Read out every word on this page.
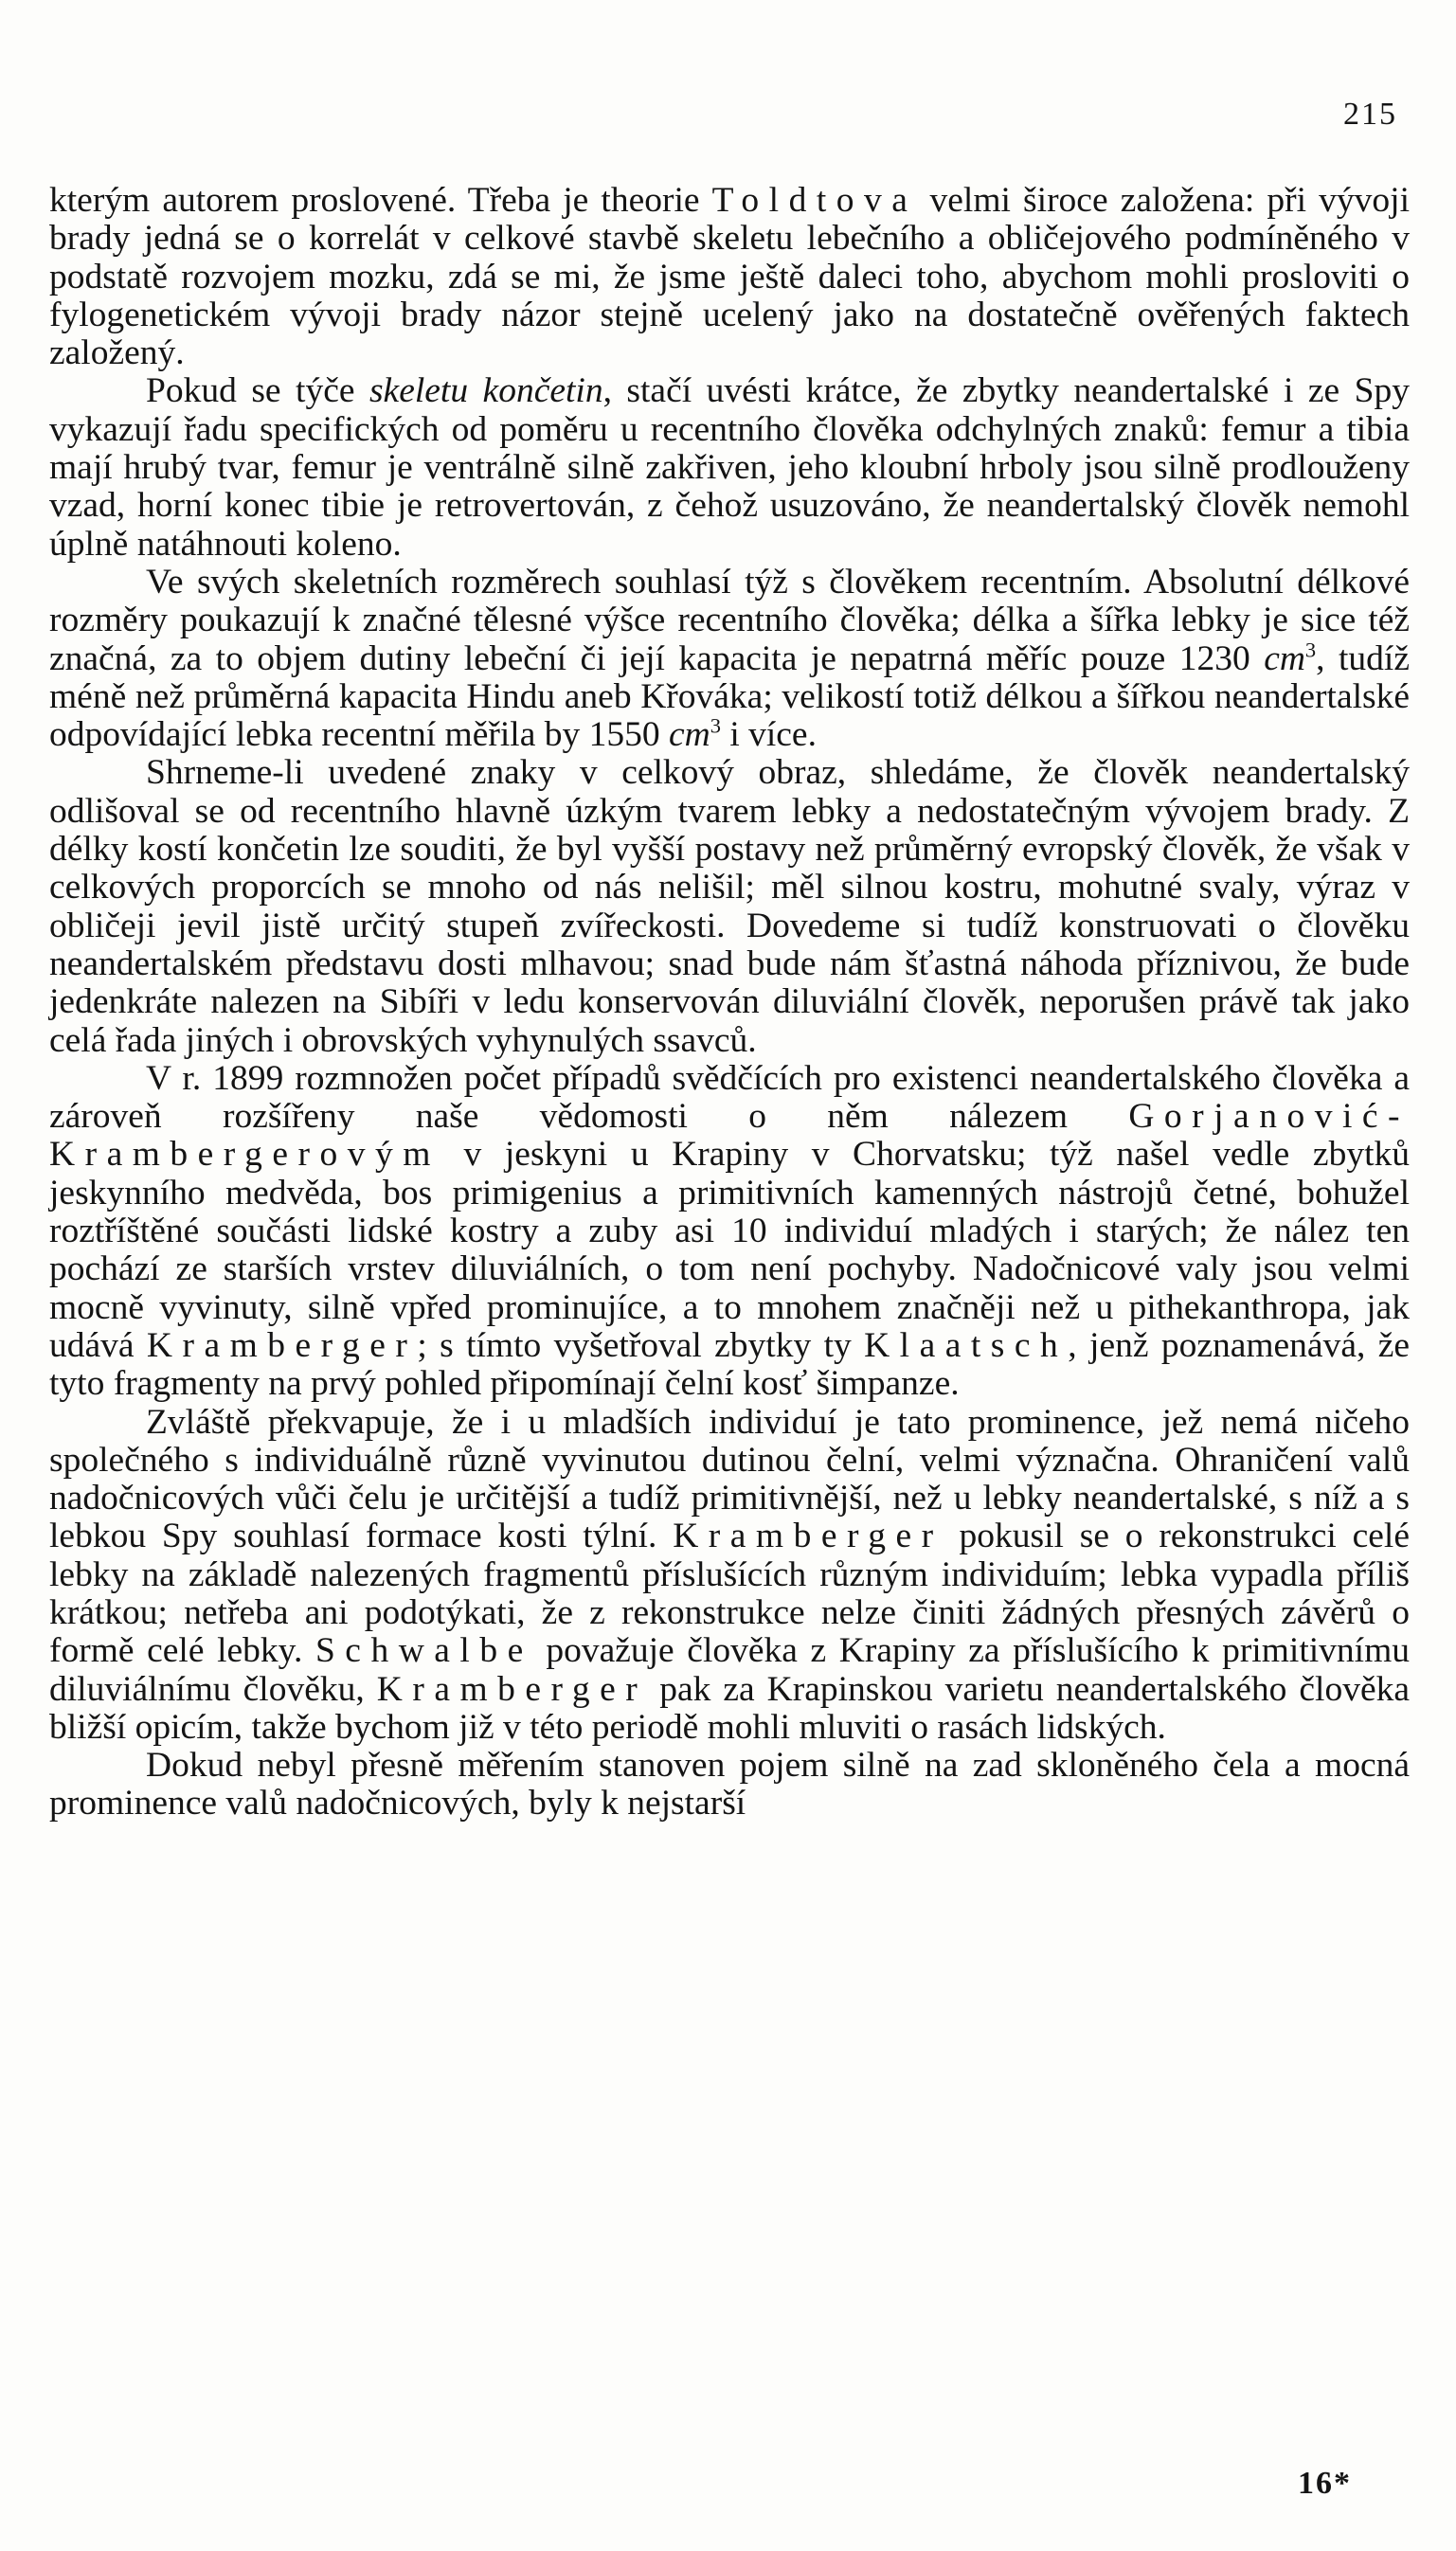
215

kterým autorem proslovené. Třeba je theorie Toldtova velmi široce založena: při vývoji brady jedná se o korrelát v celkové stavbě skeletu lebečního a obličejového podmíněného v podstatě rozvojem mozku, zdá se mi, že jsme ještě daleci toho, abychom mohli prosloviti o fylogenetickém vývoji brady názor stejně ucelený jako na dostatečně ověřených faktech založený.

Pokud se týče skeletu končetin, stačí uvésti krátce, že zbytky neandertalské i ze Spy vykazují řadu specifických od poměru u recentního člověka odchylných znaků: femur a tibia mají hrubý tvar, femur je ventrálně silně zakřiven, jeho kloubní hrboly jsou silně prodlouženy vzad, horní konec tibie je retrovertován, z čehož usuzováno, že neandertalský člověk nemohl úplně natáhnouti koleno.

Ve svých skeletních rozměrech souhlasí týž s člověkem recentním. Absolutní délkové rozměry poukazují k značné tělesné výšce recentního člověka; délka a šířka lebky je sice též značná, za to objem dutiny lebeční či její kapacita je nepatrná měříc pouze 1230 $cm^3$, tudíž méně než průměrná kapacita Hindu aneb Křováka; velikostí totiž délkou a šířkou neandertalské odpovídající lebka recentní měřila by 1550 $cm^3$ i více.

Shrneme-li uvedené znaky v celkový obraz, shledáme, že člověk neandertalský odlišoval se od recentního hlavně úzkým tvarem lebky a nedostatečným vývojem brady. Z délky kostí končetin lze souditi, že byl vyšší postavy než průměrný evropský člověk, že však v celkových proporcích se mnoho od nás nelišil; měl silnou kostru, mohutné svaly, výraz v obličeji jevil jistě určitý stupeň zvířeckosti. Dovedeme si tudíž konstruovati o člověku neandertalském představu dosti mlhavou; snad bude nám šťastná náhoda příznivou, že bude jedenkráte nalezen na Sibíři v ledu konservován diluviální člověk, neporušen právě tak jako celá řada jiných i obrovských vyhynulých ssavců.

V r. 1899 rozmnožen počet případů svědčících pro existenci neandertalského člověka a zároveň rozšířeny naše vědomosti o něm nálezem Gorjanović-Krambergerovým v jeskyni u Krapiny v Chorvatsku; týž našel vedle zbytků jeskynního medvěda, bos primigenius a primitivních kamenných nástrojů četné, bohužel roztříštěné součásti lidské kostry a zuby asi 10 individuí mladých i starých; že nález ten pochází ze starších vrstev diluviálních, o tom není pochyby. Nadočnicové valy jsou velmi mocně vyvinuty, silně vpřed prominujíce, a to mnohem značněji než u pithekanthropa, jak udává Kramberger; s tímto vyšetřoval zbytky ty Klaatsch, jenž poznamenává, že tyto fragmenty na prvý pohled připomínají čelní kosť šimpanze.

Zvláště překvapuje, že i u mladších individuí je tato prominence, jež nemá ničeho společného s individuálně různě vyvinutou dutinou čelní, velmi význačna. Ohraničení valů nadočnicových vůči čelu je určitější a tudíž primitivnější, než u lebky neandertalské, s níž a s lebkou Spy souhlasí formace kosti týlní. Kramberger pokusil se o rekonstrukci celé lebky na základě nalezených fragmentů příslušících různým individuím; lebka vypadla příliš krátkou; netřeba ani podotýkati, že z rekonstrukce nelze činiti žádných přesných závěrů o formě celé lebky. Schwalbe považuje člověka z Krapiny za příslušícího k primitivnímu diluviálnímu člověku, Kramberger pak za Krapinskou varietu neandertalského člověka bližší opicím, takže bychom již v této periodě mohli mluviti o rasách lidských.

Dokud nebyl přesně měřením stanoven pojem silně na zad skloněného čela a mocná prominence valů nadočnicových, byly k nejstarší

16*
